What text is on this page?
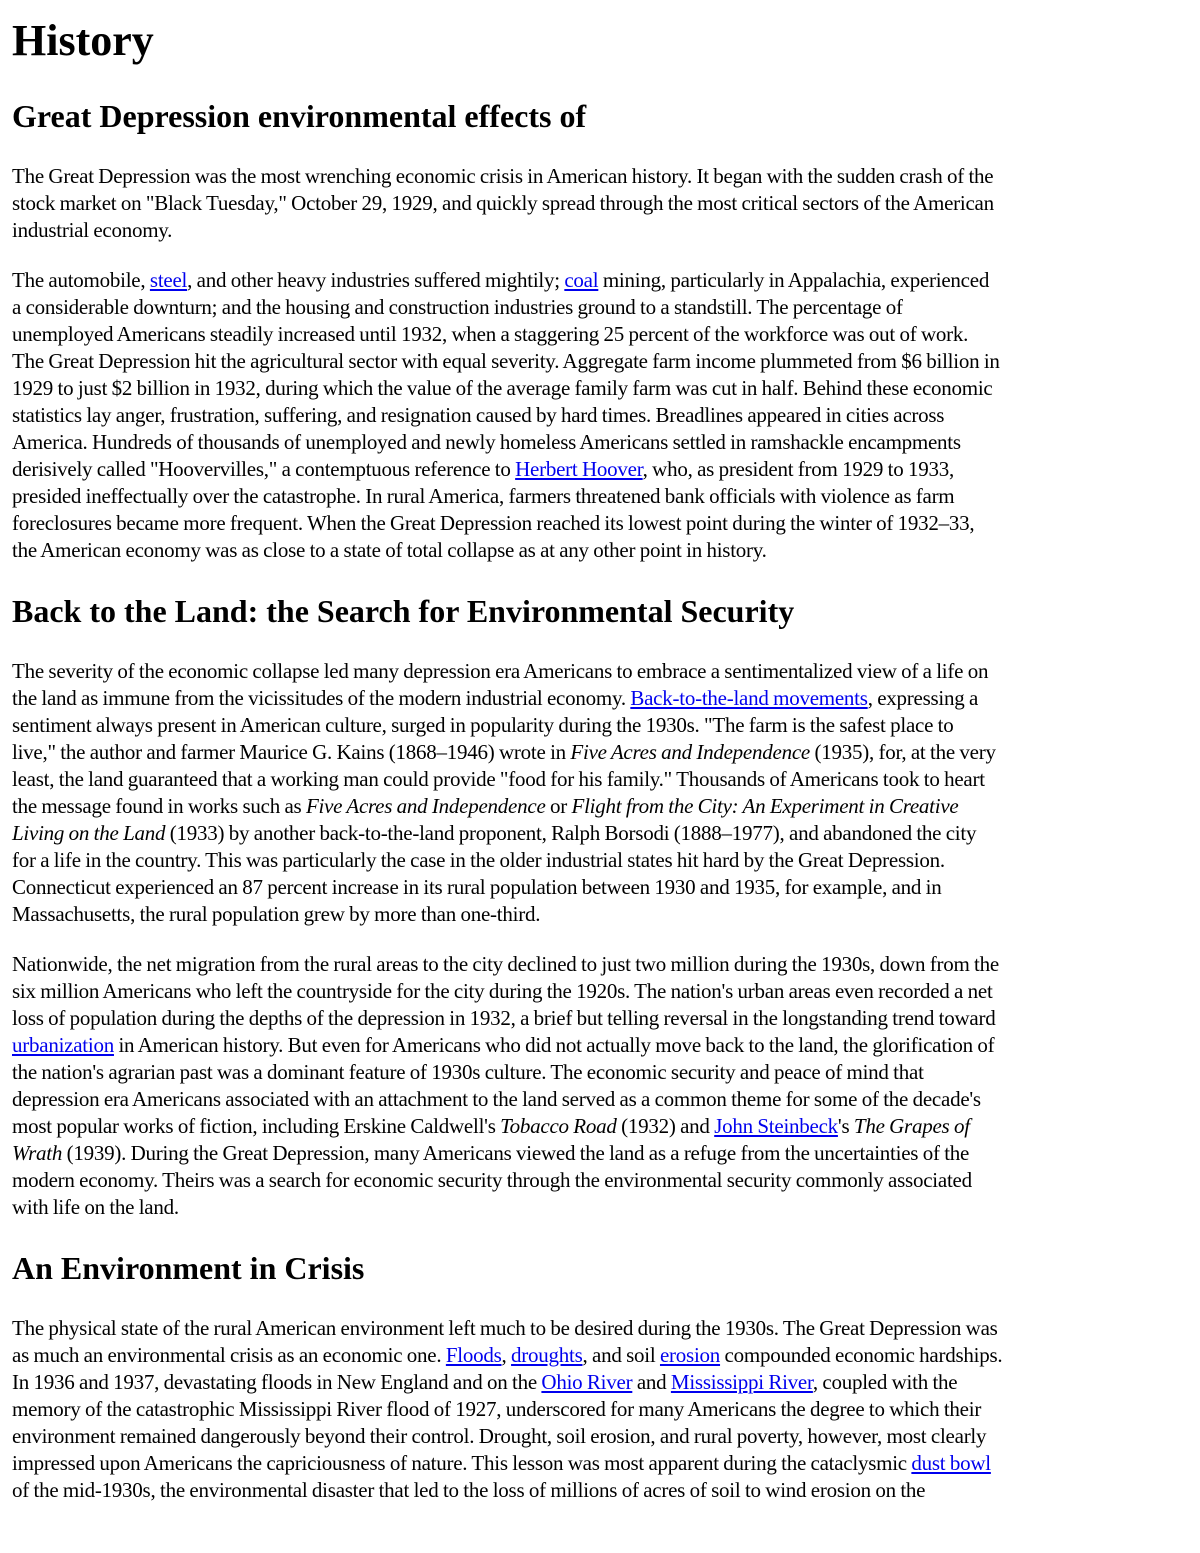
History
Great Depression environmental effects of

The Great Depression was the most wrenching economic crisis in American history. It began with the sudden crash of the
stock market on "Black Tuesday," October 29, 1929, and quickly spread through the most critical sectors of the American
industrial economy.

The automobile, steel, and other heavy industries suffered mightily; coal mining, particularly in Appalachia, experienced
a considerable downturn; and the housing and construction industries ground to a standstill. The percentage of
unemployed Americans steadily increased until 1932, when a staggering 25 percent of the workforce was out of work.
The Great Depression hit the agricultural sector with equal severity. Aggregate farm income plummeted from $6 billion in
1929 to just $2 billion in 1932, during which the value of the average family farm was cut in half. Behind these economic
statistics lay anger, frustration, suffering, and resignation caused by hard times. Breadlines appeared in cities across
America. Hundreds of thousands of unemployed and newly homeless Americans settled in ramshackle encampments
derisively called "Hoovervilles," a contemptuous reference to Herbert Hoover, who, as president from 1929 to 1933,
presided ineffectually over the catastrophe. In rural America, farmers threatened bank officials with violence as farm
foreclosures became more frequent. When the Great Depression reached its lowest point during the winter of 1932–33,
the American economy was as close to a state of total collapse as at any other point in history.

Back to the Land: the Search for Environmental Security

The severity of the economic collapse led many depression era Americans to embrace a sentimentalized view of a life on
the land as immune from the vicissitudes of the modern industrial economy. Back-to-the-land movements, expressing a
sentiment always present in American culture, surged in popularity during the 1930s. "The farm is the safest place to
live," the author and farmer Maurice G. Kains (1868–1946) wrote in Five Acres and Independence (1935), for, at the very
least, the land guaranteed that a working man could provide "food for his family." Thousands of Americans took to heart
the message found in works such as Five Acres and Independence or Flight from the City: An Experiment in Creative
Living on the Land (1933) by another back-to-the-land proponent, Ralph Borsodi (1888–1977), and abandoned the city
for a life in the country. This was particularly the case in the older industrial states hit hard by the Great Depression.
Connecticut experienced an 87 percent increase in its rural population between 1930 and 1935, for example, and in
Massachusetts, the rural population grew by more than one-third.

Nationwide, the net migration from the rural areas to the city declined to just two million during the 1930s, down from the
six million Americans who left the countryside for the city during the 1920s. The nation's urban areas even recorded a net
loss of population during the depths of the depression in 1932, a brief but telling reversal in the longstanding trend toward
urbanization in American history. But even for Americans who did not actually move back to the land, the glorification of
the nation's agrarian past was a dominant feature of 1930s culture. The economic security and peace of mind that
depression era Americans associated with an attachment to the land served as a common theme for some of the decade's
most popular works of fiction, including Erskine Caldwell's Tobacco Road (1932) and John Steinbeck's The Grapes of
Wrath (1939). During the Great Depression, many Americans viewed the land as a refuge from the uncertainties of the
modern economy. Theirs was a search for economic security through the environmental security commonly associated
with life on the land.

An Environment in Crisis

The physical state of the rural American environment left much to be desired during the 1930s. The Great Depression was
as much an environmental crisis as an economic one. Floods, droughts, and soil erosion compounded economic hardships.
In 1936 and 1937, devastating floods in New England and on the Ohio River and Mississippi River, coupled with the
memory of the catastrophic Mississippi River flood of 1927, underscored for many Americans the degree to which their
environment remained dangerously beyond their control. Drought, soil erosion, and rural poverty, however, most clearly
impressed upon Americans the capriciousness of nature. This lesson was most apparent during the cataclysmic dust bowl
of the mid-1930s, the environmental disaster that led to the loss of millions of acres of soil to wind erosion on the
